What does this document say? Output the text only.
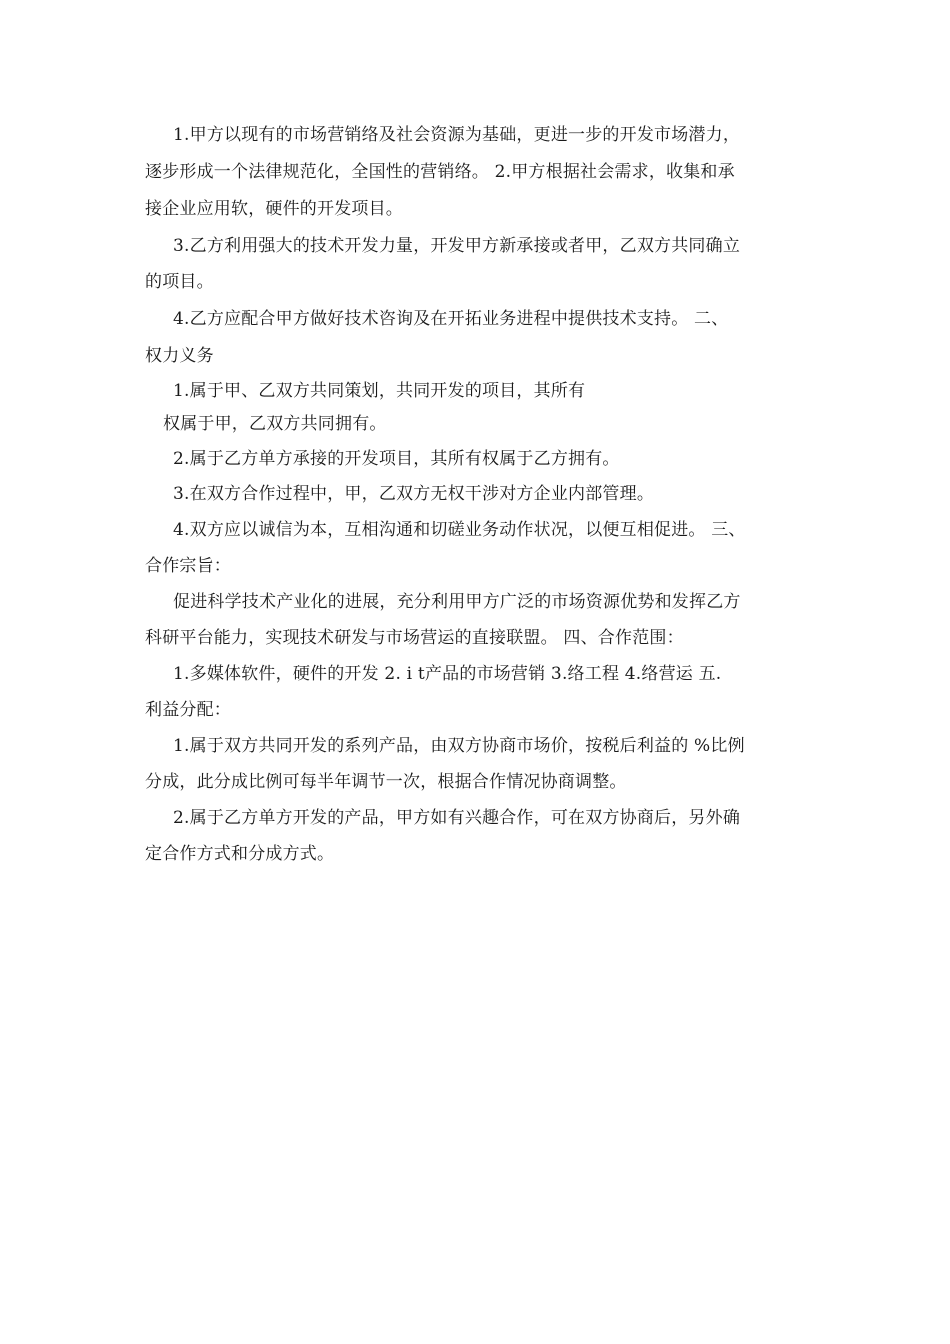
1.甲方以现有的市场营销络及社会资源为基础，更进一步的开发市场潜力，
逐步形成一个法律规范化，全国性的营销络。 2.甲方根据社会需求，收集和承
接企业应用软，硬件的开发项目。
3.乙方利用强大的技术开发力量，开发甲方新承接或者甲，乙双方共同确立
的项目。
4.乙方应配合甲方做好技术咨询及在开拓业务进程中提供技术支持。 二、
权力义务
1.属于甲、乙双方共同策划，共同开发的项目，其所有
权属于甲，乙双方共同拥有。
2.属于乙方单方承接的开发项目，其所有权属于乙方拥有。
3.在双方合作过程中，甲，乙双方无权干涉对方企业内部管理。
4.双方应以诚信为本，互相沟通和切磋业务动作状况，以便互相促进。 三、
合作宗旨：
促进科学技术产业化的进展，充分利用甲方广泛的市场资源优势和发挥乙方
科研平台能力，实现技术研发与市场营运的直接联盟。 四、合作范围：
1.多媒体软件，硬件的开发 2. i t产品的市场营销 3.络工程 4.络营运 五.
利益分配：
1.属于双方共同开发的系列产品，由双方协商市场价，按税后利益的 %比例
分成，此分成比例可每半年调节一次，根据合作情况协商调整。
2.属于乙方单方开发的产品，甲方如有兴趣合作，可在双方协商后，另外确
定合作方式和分成方式。
